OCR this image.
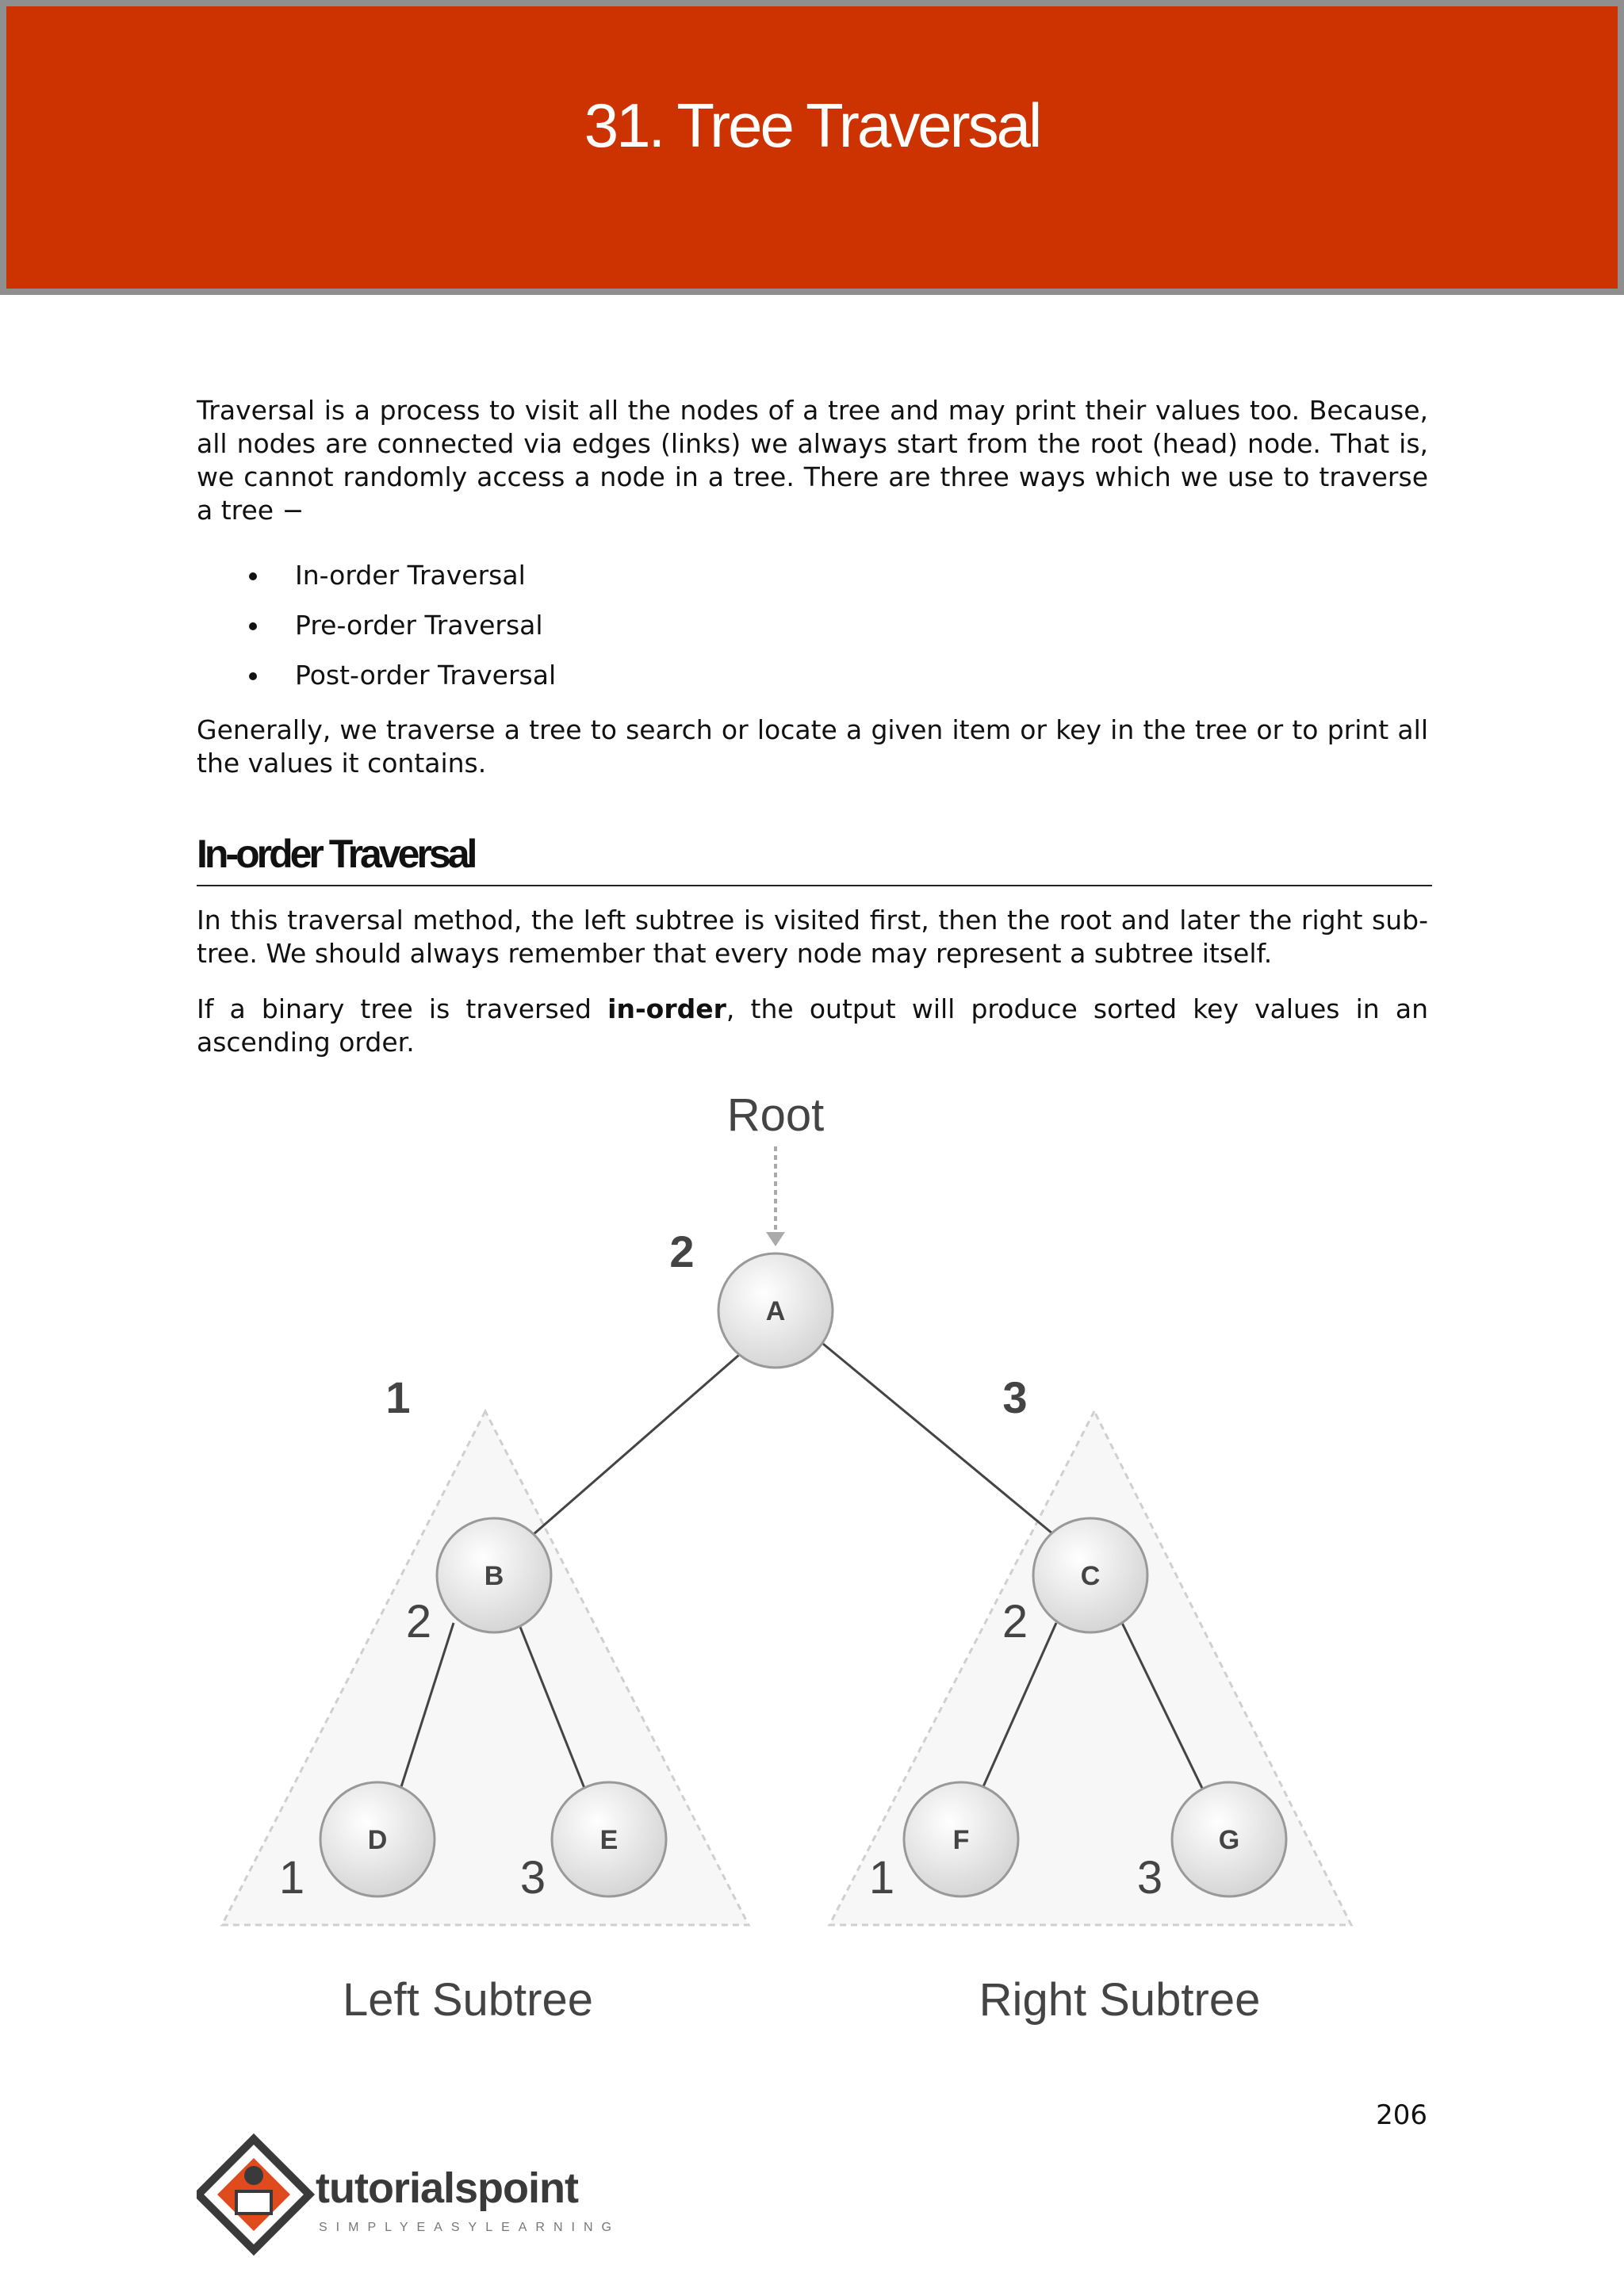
31. Tree Traversal

Traversal is a process to visit all the nodes of a tree and may print their values too. Because, all nodes are connected via edges (links) we always start from the root (head) node. That is, we cannot randomly access a node in a tree. There are three ways which we use to traverse a tree −

In-order Traversal
Pre-order Traversal
Post-order Traversal

Generally, we traverse a tree to search or locate a given item or key in the tree or to print all the values it contains.

In-order Traversal

In this traversal method, the left subtree is visited first, then the root and later the right sub-tree. We should always remember that every node may represent a subtree itself.

If a binary tree is traversed in-order, the output will produce sorted key values in an ascending order.

A
B	C
D	E	F	G
Root
2
1	3
2	2
1	3	1	3
Left Subtree	Right Subtree
206
tutorialspoint
SIMPLYEASYLEARNING
